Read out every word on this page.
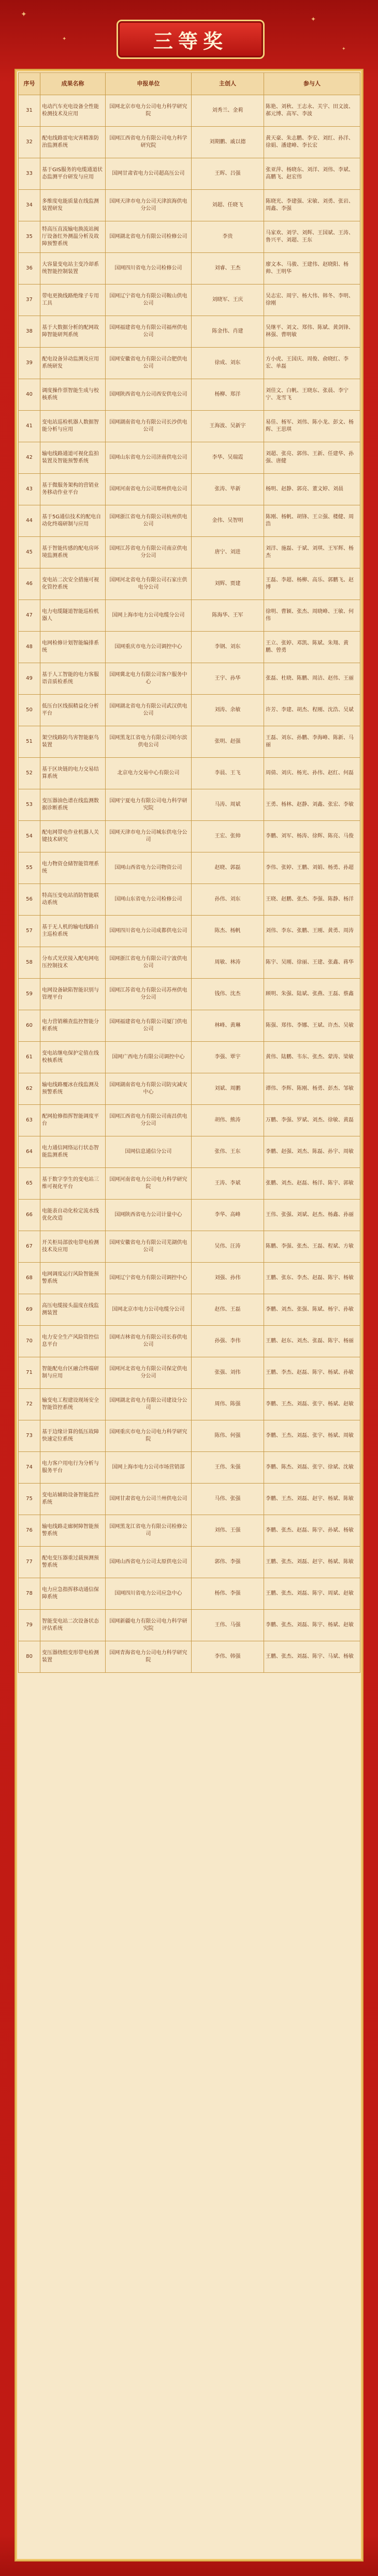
✦
✦
✦
✦
三等奖
序号	成果名称	申报单位	主创人	参与人
31	电动汽车充电设备全性能检测技术及应用	国网北京市电力公司电力科学研究院	刘秀兰、金莉	陈艳、刘秋、王志永、关宇、田文波、郝元博、高军、李波
32	配电线路雷电灾害精准防治监测系统	国网江西省电力有限公司电力科学研究院	刘期鹏、戚以德	黄天豪、朱志鹏、李安、刘红、孙洋、徐娟、潘建峰、李长宏
33	基于GIS服务的电缆通道状态监测平台研发与应用	国网甘肃省电力公司超高压公司	王晖、吕强	张亚萍、杨晓东、刘洋、刘伟、李斌、高鹏飞、赵宏伟
34	多维度电能质量在线监测装置研发	国网天津市电力公司天津滨海供电分公司	刘超、任晓飞	陈晓光、李建强、宋敏、刘勇、张岩、周鑫、李强
35	特高压直流输电换流站阀厅设备红外测温分析及故障预警系统	国网湖北省电力有限公司检修公司	李贵	马家欢、刘学、刘辉、王国斌、王涛、鲁兴平、刘超、王东
36	大容量变电站主变冷却系统智能控制装置	国网四川省电力公司检修公司	刘睿、王杰	廖文本、马骏、王建伟、赵晓阳、杨帅、王明华
37	带电更换线路绝缘子专用工具	国网辽宁省电力有限公司鞍山供电公司	刘晓军、王庆	吴志宏、周宇、杨大伟、韩冬、李明、徐刚
38	基于大数据分析的配网故障智能研判系统	国网福建省电力有限公司福州供电公司	陈金伟、肖建	吴继平、刘文、郑伟、陈斌、黄剑锋、林强、曹明敏
39	配电设备异动监测及应用系统研发	国网安徽省电力有限公司合肥供电公司	徐成、刘东	方小虎、王国庆、周俊、俞晓红、李宏、单磊
40	调度操作票智能生成与校核系统	国网陕西省电力公司西安供电公司	杨柳、郑洋	刘佳文、白帆、王晓东、张晨、李宁宁、龙雪飞
41	变电站巡检机器人数据智能分析与应用	国网湖南省电力有限公司长沙供电公司	王海波、吴新宇	易佳、杨军、刘伟、陈小龙、彭文、杨辉、王思琪
42	输电线路通道可视化监拍装置及智能预警系统	国网山东省电力公司济南供电公司	李华、吴瑞霞	刘超、张亮、郭伟、王新、任建华、孙强、唐健
43	基于微服务架构的营销业务移动作业平台	国网河南省电力公司郑州供电公司	张涛、毕新	杨明、赵静、郭亮、董文婷、刘晨
44	基于5G通信技术的配电自动化终端研制与应用	国网浙江省电力有限公司杭州供电公司	金伟、吴智明	陈刚、杨帆、胡锋、王立强、楼健、周浩
45	基于智能传感的配电房环境监测系统	国网江苏省电力有限公司南京供电分公司	唐宁、刘进	刘洋、施磊、于斌、刘琪、王军辉、杨杰
46	变电站二次安全措施可视化管控系统	国网河北省电力有限公司石家庄供电分公司	刘辉、贾建	王磊、李超、杨柳、高乐、郭鹏飞、赵博
47	电力电缆隧道智能巡检机器人	国网上海市电力公司电缆分公司	陈海华、王军	徐明、曹颖、张杰、周晓峰、王敏、何伟
48	电网检修计划智能编排系统	国网重庆市电力公司调控中心	李钢、刘东	王立、张婷、邓凯、陈斌、朱翔、黄鹏、曾勇
49	基于人工智能的电力客服语音质检系统	国网冀北电力有限公司客户服务中心	王宇、孙华	张磊、杜晓、陈鹏、周洁、赵伟、王丽
50	低压台区线损精益化分析平台	国网湖北省电力有限公司武汉供电公司	刘涛、余敏	许芳、李建、胡杰、程刚、沈浩、吴斌
51	架空线路防鸟害智能驱鸟装置	国网黑龙江省电力有限公司哈尔滨供电公司	张明、赵强	王磊、刘东、孙鹏、李海峰、陈新、马丽
52	基于区块链的电力交易结算系统	北京电力交易中心有限公司	李晨、王飞	周倩、刘庆、杨光、孙伟、赵红、何磊
53	变压器油色谱在线监测数据诊断系统	国网宁夏电力有限公司电力科学研究院	马涛、周斌	王勇、杨林、赵静、刘鑫、张宏、李敏
54	配电网带电作业机器人关键技术研究	国网天津市电力公司城东供电分公司	王宏、张帅	李鹏、刘军、杨涛、徐辉、陈亮、马俊
55	电力物资仓储智能管理系统	国网山西省电力公司物资公司	赵晓、郭磊	李伟、张婷、王鹏、刘娟、杨勇、孙超
56	特高压变电站消防智能联动系统	国网山东省电力公司检修公司	孙伟、刘东	王晓、赵鹏、张杰、李强、陈静、杨洋
57	基于无人机的输电线路自主巡检系统	国网四川省电力公司成都供电公司	陈杰、杨帆	刘伟、李东、张鹏、王刚、黄勇、周涛
58	分布式光伏接入配电网电压控制技术	国网浙江省电力有限公司宁波供电公司	周敏、林涛	陈宇、吴刚、徐丽、王建、张鑫、蒋华
59	电网设备缺陷智能识别与管理平台	国网江苏省电力有限公司苏州供电分公司	钱伟、沈杰	顾明、朱强、陆斌、张燕、王磊、蔡鑫
60	电力营销稽查监控智能分析系统	国网福建省电力有限公司厦门供电公司	林峰、黄琳	陈强、郑伟、李娜、王斌、许杰、吴敏
61	变电站继电保护定值在线校核系统	国网广西电力有限公司调控中心	李强、覃宇	黄伟、陆鹏、韦东、张杰、蒙涛、梁敏
62	输电线路覆冰在线监测及预警系统	国网湖南省电力有限公司防灾减灾中心	刘斌、周鹏	谭伟、李辉、陈刚、杨勇、彭杰、邹敏
63	配网抢修指挥智能调度平台	国网江西省电力有限公司南昌供电分公司	胡伟、熊涛	万鹏、李强、罗斌、刘杰、徐敏、黄磊
64	电力通信网络运行状态智能监测系统	国网信息通信分公司	张伟、王东	李鹏、赵强、刘杰、陈磊、孙宇、周敏
65	基于数字孪生的变电站三维可视化平台	国网河南省电力公司电力科学研究院	王涛、李斌	张鹏、刘杰、赵磊、杨洋、陈宇、郭敏
66	电能表自动化检定流水线优化改造	国网陕西省电力公司计量中心	李华、高峰	王伟、张强、刘斌、赵杰、杨鑫、孙丽
67	开关柜局部放电带电检测技术及应用	国网安徽省电力有限公司芜湖供电公司	吴伟、汪涛	陈鹏、李强、张杰、王磊、程斌、方敏
68	电网调度运行风险智能预警系统	国网辽宁省电力有限公司调控中心	刘强、孙伟	王鹏、张东、李杰、赵磊、陈宇、杨敏
69	高压电缆接头温度在线监测装置	国网北京市电力公司电缆分公司	赵伟、王磊	李鹏、刘杰、张强、陈斌、杨宇、孙敏
70	电力安全生产风险管控信息平台	国网吉林省电力有限公司长春供电公司	孙强、李伟	王鹏、赵东、刘杰、张磊、陈宇、杨丽
71	智能配电台区融合终端研制与应用	国网河北省电力有限公司保定供电分公司	张强、刘伟	王鹏、李杰、赵磊、陈宇、杨斌、孙敏
72	输变电工程建设现场安全智能管控系统	国网湖北省电力有限公司建设分公司	周伟、陈强	李鹏、王杰、刘磊、张宇、杨斌、赵敏
73	基于边缘计算的低压故障快速定位系统	国网重庆市电力公司电力科学研究院	陈伟、何强	李鹏、王杰、刘磊、张宇、杨斌、周敏
74	电力客户用电行为分析与服务平台	国网上海市电力公司市场营销部	王伟、朱强	李鹏、陈杰、刘磊、张宇、徐斌、沈敏
75	变电站辅助设备智能监控系统	国网甘肃省电力公司兰州供电公司	马伟、张强	李鹏、王杰、刘磊、赵宇、杨斌、陈敏
76	输电线路走廊树障智能预警系统	国网黑龙江省电力有限公司检修公司	刘伟、王强	李鹏、张杰、赵磊、陈宇、孙斌、杨敏
77	配电变压器重过载预测预警系统	国网山西省电力公司太原供电公司	郭伟、李强	王鹏、张杰、刘磊、赵宇、杨斌、陈敏
78	电力应急指挥移动通信保障系统	国网四川省电力公司应急中心	杨伟、李强	王鹏、张杰、刘磊、陈宇、周斌、赵敏
79	智能变电站二次设备状态评估系统	国网新疆电力有限公司电力科学研究院	王伟、马强	李鹏、张杰、刘磊、陈宇、杨斌、赵敏
80	变压器绕组变形带电检测装置	国网青海省电力公司电力科学研究院	李伟、韩强	王鹏、张杰、刘磊、陈宇、马斌、杨敏
